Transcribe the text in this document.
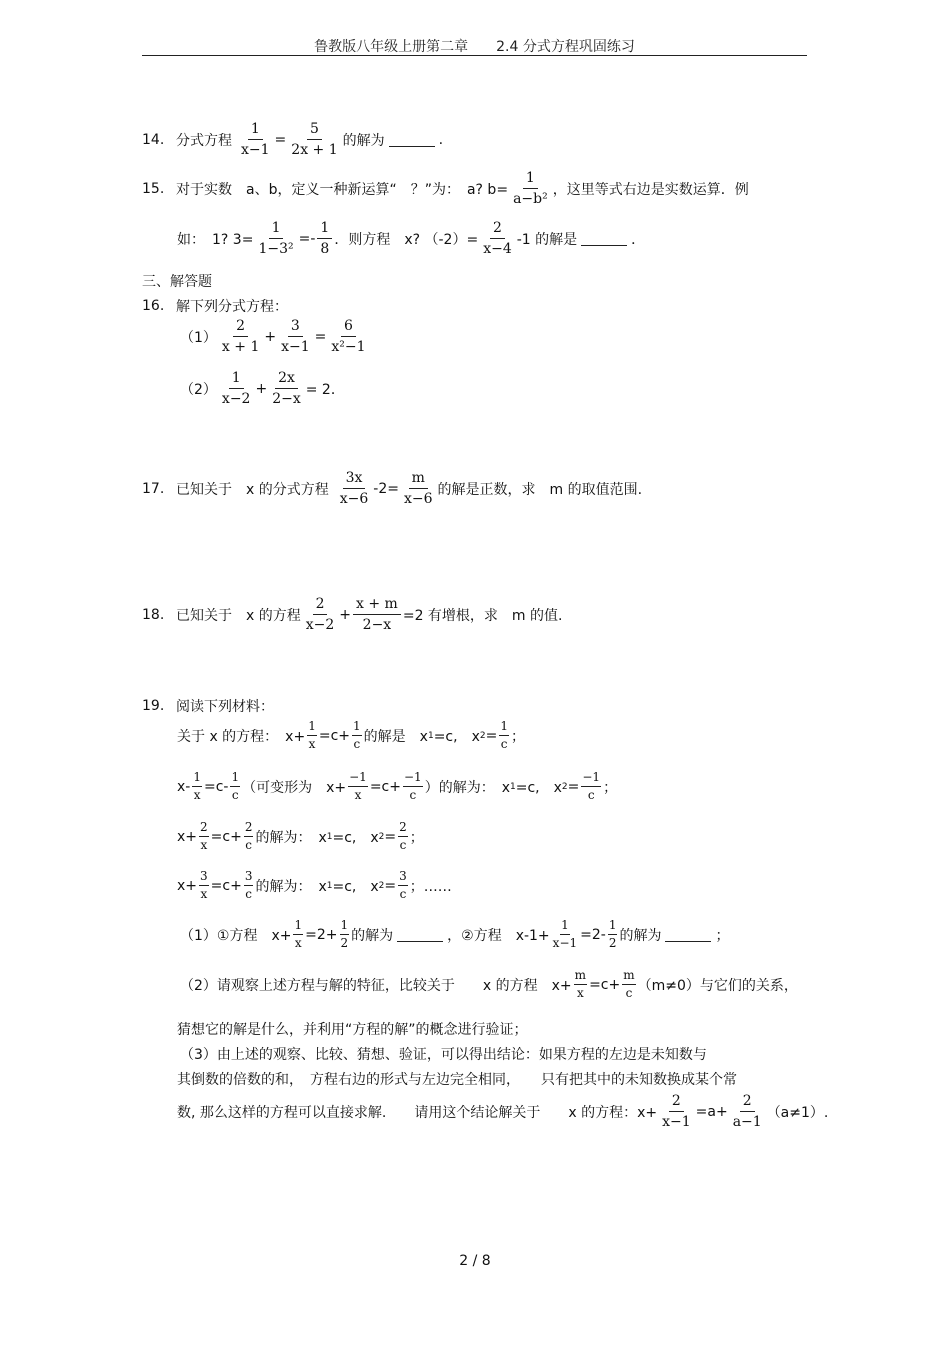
鲁教版八年级上册第二章　　2.4 分式方程巩固练习
14. 分式方程 $\frac{1}{x-1} = \frac{5}{2x + 1}$ 的解为	.
15. 对于实数　a、b，定义一种新运算“　？”为：　a? $b= \frac{1}{\text{a−b²}}$ ，这里等式右边是实数运算．例
如：　1? $3= \frac{1}{\text{1−3²}} =- \frac{1}{8}$ ．则方程　x? $(-2)= \frac{2}{x-4} -1$ 的解是	．
三、解答题
16. 解下列分式方程：
$(1) \frac{2}{x + 1} + \frac{3}{x-1} = \frac{6}{\text{x²−1}}$
$(2) \frac{1}{x-2} + \frac{2x}{2-x} = 2$．
17. 已知关于　x 的分式方程 $\frac{3x}{x-6} -2= \frac{m}{x-6}$ 的解是正数，求　m 的取值范围.
18. 已知关于　x 的方程 $\frac{2}{x-2} + \frac{x + m}{2-x} =2$ 有增根，求　m 的值.
19. 阅读下列材料：
关于 x 的方程：　$x+ \frac{1}{x} =c+ \frac{1}{c}$ 的解是　x 1 =c,　x $2 = \frac{1}{c}$ ；
$x- \frac{1}{x} =c- \frac{1}{c}$ （可变形为　$x+ \frac{-1}{x} =c+ \frac{-1}{c}$ ）的解为：　x 1 =c,　x $2 = \frac{-1}{c}$ ；
$x+ \frac{2}{x} =c+ \frac{2}{c}$ 的解为：　x 1 =c,　x $2 = \frac{2}{c}$ ；
$x+ \frac{3}{x} =c+ \frac{3}{c}$ 的解为：　x 1 =c,　x $2 = \frac{3}{c}$ ；……
（1）①方程　$x+ \frac{1}{x} =2+ \frac{1}{2}$ 的解为	，②方程　$x-1+ \frac{1}{x-1} =2- \frac{1}{2}$ 的解为	；
（2）请观察上述方程与解的特征，比较关于　　x 的方程　$x+ \frac{m}{x} =c+ \frac{m}{c} (m\ne 0)$与它们的关系，
猜想它的解是什么，并利用“方程的解”的概念进行验证；
（3）由上述的观察、比较、猜想、验证，可以得出结论：如果方程的左边是未知数与
其倒数的倍数的和，　方程右边的形式与左边完全相同，　　只有把其中的未知数换成某个常
数, 那么这样的方程可以直接求解.　　请用这个结论解关于　　x 的方程：$x+ \frac{2}{x-1} =a+ \frac{2}{a-1} (a\ne 1)$.
2 / 8
